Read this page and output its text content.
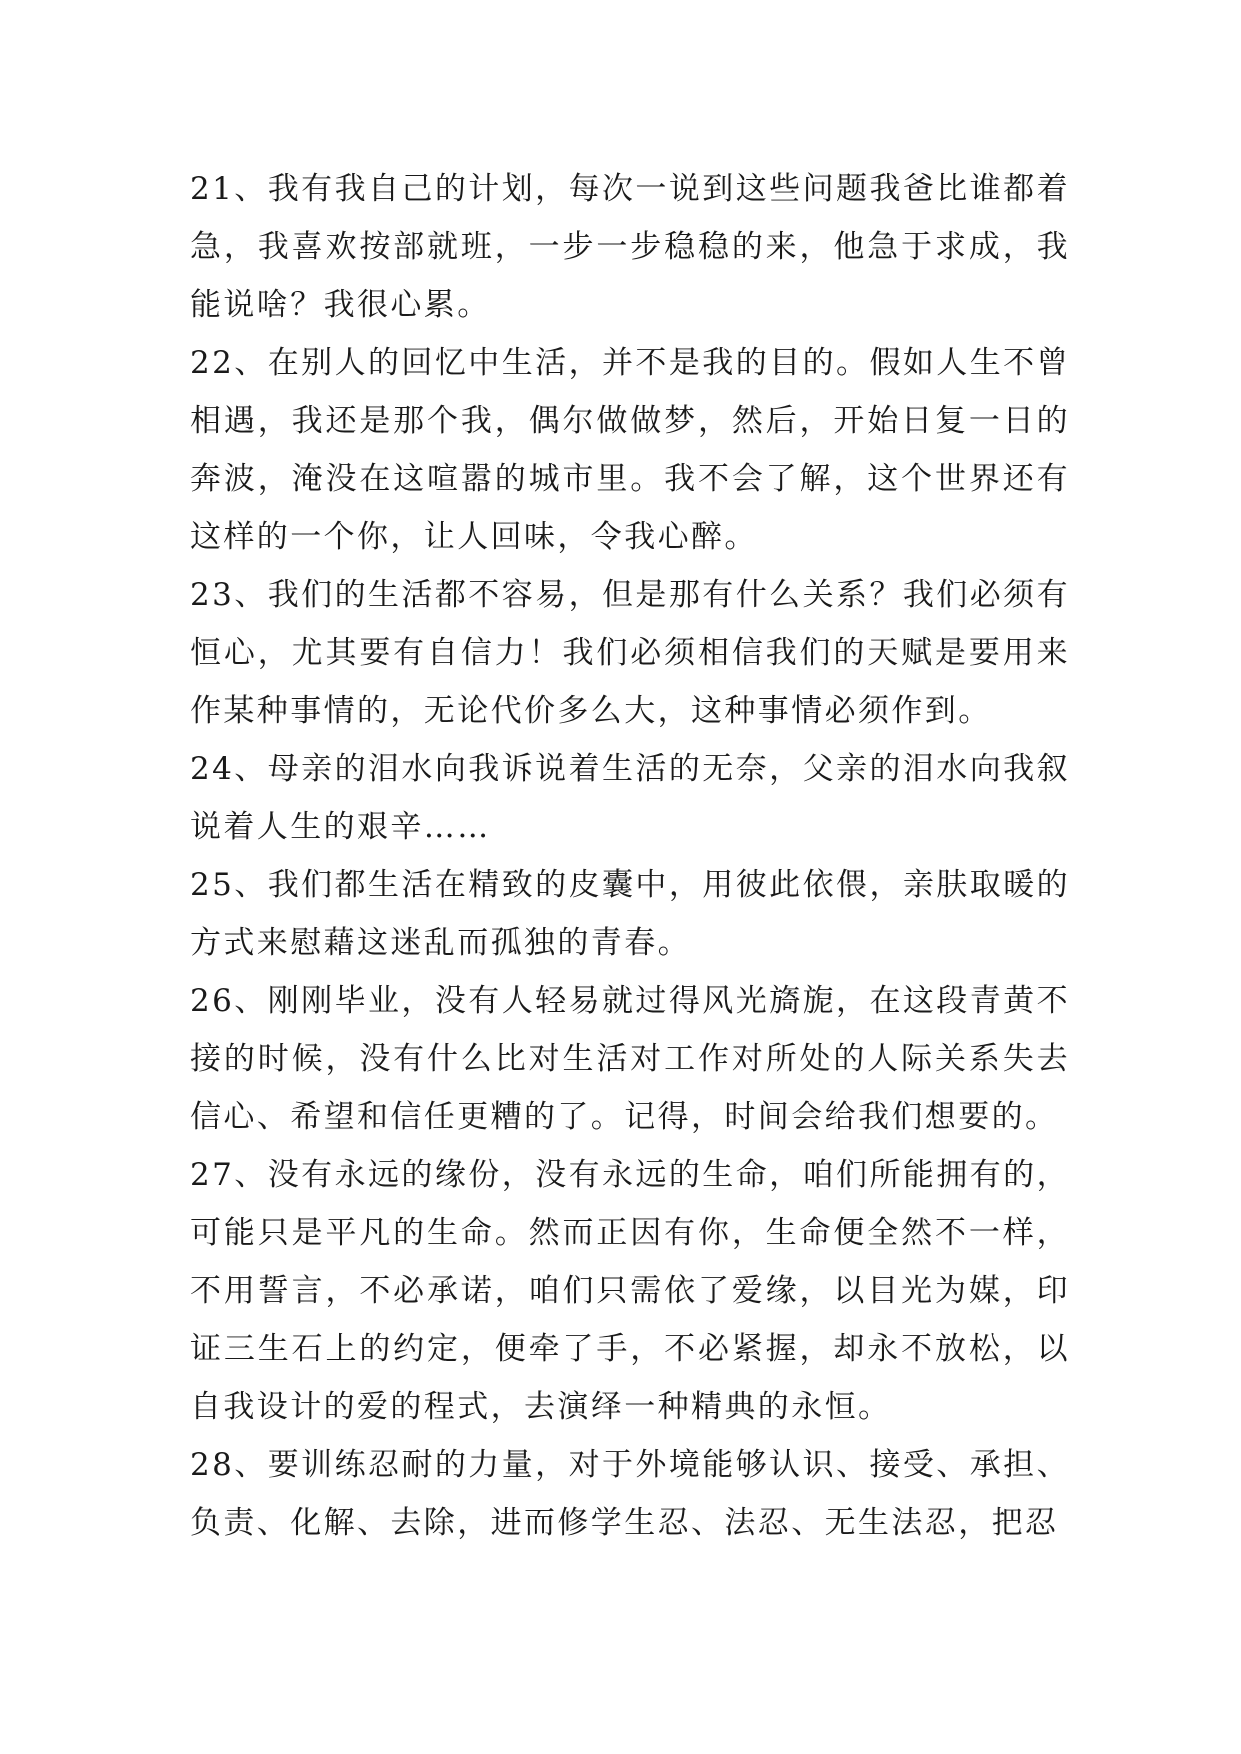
21、我有我自己的计划，每次一说到这些问题我爸比谁都着急，我喜欢按部就班，一步一步稳稳的来，他急于求成，我能说啥？我很心累。

22、在别人的回忆中生活，并不是我的目的。假如人生不曾相遇，我还是那个我，偶尔做做梦，然后，开始日复一日的奔波，淹没在这喧嚣的城市里。我不会了解，这个世界还有这样的一个你，让人回味，令我心醉。

23、我们的生活都不容易，但是那有什么关系？我们必须有恒心，尤其要有自信力！我们必须相信我们的天赋是要用来作某种事情的，无论代价多么大，这种事情必须作到。

24、母亲的泪水向我诉说着生活的无奈，父亲的泪水向我叙说着人生的艰辛……

25、我们都生活在精致的皮囊中，用彼此依偎，亲肤取暖的方式来慰藉这迷乱而孤独的青春。

26、刚刚毕业，没有人轻易就过得风光旖旎，在这段青黄不接的时候，没有什么比对生活对工作对所处的人际关系失去信心、希望和信任更糟的了。记得，时间会给我们想要的。

27、没有永远的缘份，没有永远的生命，咱们所能拥有的，可能只是平凡的生命。然而正因有你，生命便全然不一样，不用誓言，不必承诺，咱们只需依了爱缘，以目光为媒，印证三生石上的约定，便牵了手，不必紧握，却永不放松，以自我设计的爱的程式，去演绎一种精典的永恒。

28、要训练忍耐的力量，对于外境能够认识、接受、承担、负责、化解、去除，进而修学生忍、法忍、无生法忍，把忍
